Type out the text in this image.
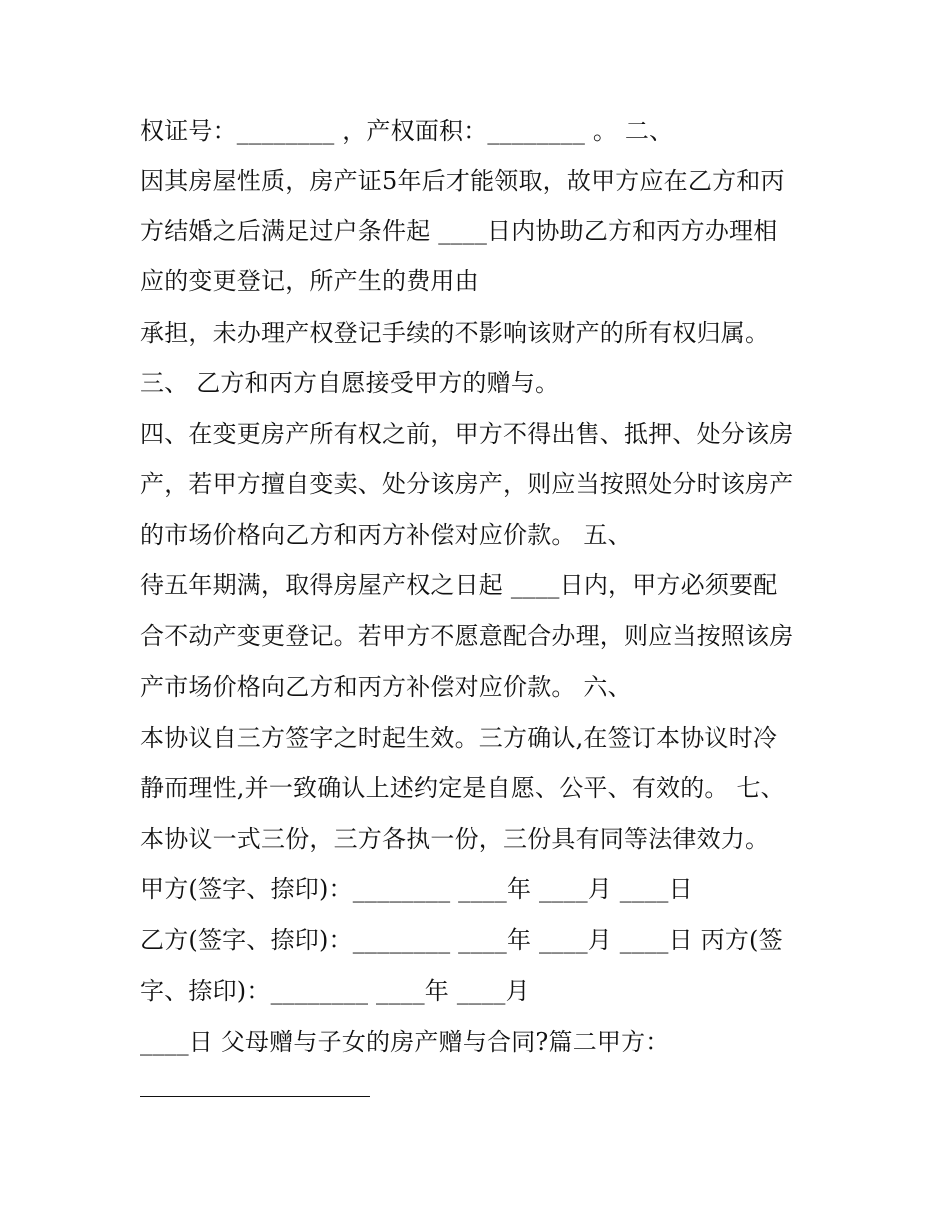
权证号：________ ，产权面积：________ 。 二、
因其房屋性质，房产证5年后才能领取，故甲方应在乙方和丙
方结婚之后满足过户条件起 ____日内协助乙方和丙方办理相
应的变更登记，所产生的费用由
承担，未办理产权登记手续的不影响该财产的所有权归属。
三、 乙方和丙方自愿接受甲方的赠与。
四、在变更房产所有权之前，甲方不得出售、抵押、处分该房
产，若甲方擅自变卖、处分该房产，则应当按照处分时该房产
的市场价格向乙方和丙方补偿对应价款。 五、
待五年期满，取得房屋产权之日起 ____日内，甲方必须要配
合不动产变更登记。若甲方不愿意配合办理，则应当按照该房
产市场价格向乙方和丙方补偿对应价款。 六、
本协议自三方签字之时起生效。三方确认,在签订本协议时冷
静而理性,并一致确认上述约定是自愿、公平、有效的。 七、
本协议一式三份，三方各执一份，三份具有同等法律效力。
甲方(签字、捺印)：________ ____年 ____月 ____日
乙方(签字、捺印)：________ ____年 ____月 ____日 丙方(签
字、捺印)：________ ____年 ____月
____日 父母赠与子女的房产赠与合同?篇二甲方：
